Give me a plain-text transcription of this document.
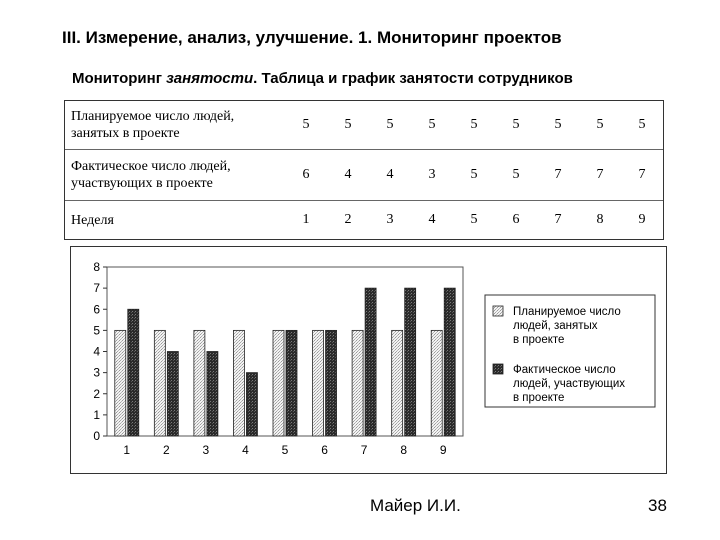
III. Измерение, анализ, улучшение. 1. Мониторинг проектов
Мониторинг занятости. Таблица и график занятости сотрудников
Планируемое число людей,
занятых в проекте
5	5	5	5	5	5	5	5	5
Фактическое число людей,
участвующих в проекте
6	4	4	3	5	5	7	7	7
Неделя	1	2	3	4	5	6	7	8	9
0
1
2
3
4
5
6
7
8
1	2	3	4	5	6	7	8	9
Планируемое число
людей, занятых
в проекте
Фактическое число
людей, участвующих
в проекте
Майер И.И.	38
